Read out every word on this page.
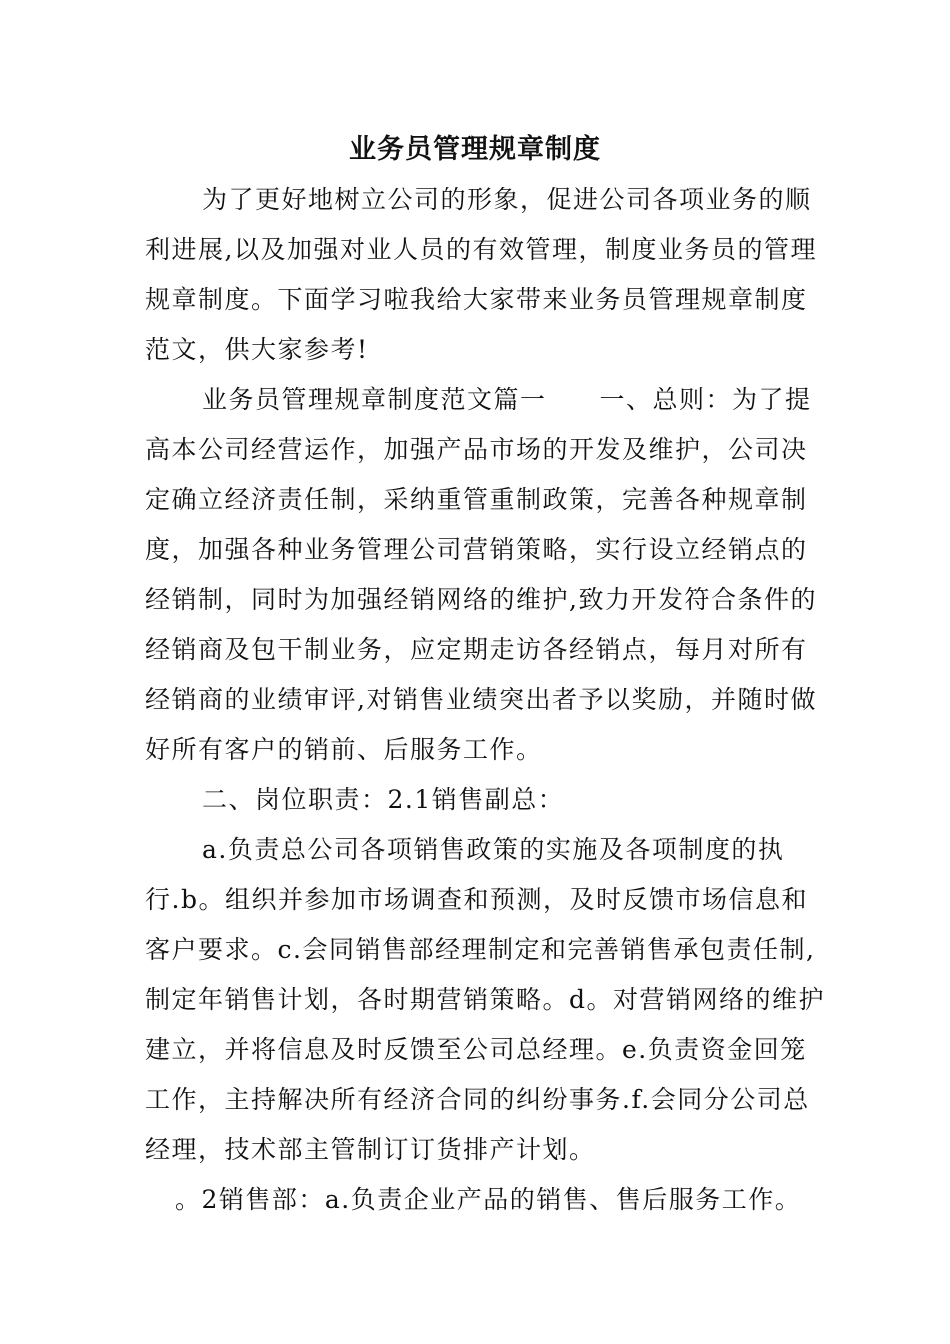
业务员管理规章制度
为了更好地树立公司的形象，促进公司各项业务的顺
利进展,以及加强对业人员的有效管理，制度业务员的管理
规章制度。下面学习啦我给大家带来业务员管理规章制度
范文，供大家参考!
业务员管理规章制度范文篇一　　一、总则：为了提
高本公司经营运作，加强产品市场的开发及维护，公司决
定确立经济责任制，采纳重管重制政策，完善各种规章制
度，加强各种业务管理公司营销策略，实行设立经销点的
经销制，同时为加强经销网络的维护,致力开发符合条件的
经销商及包干制业务，应定期走访各经销点，每月对所有
经销商的业绩审评,对销售业绩突出者予以奖励，并随时做
好所有客户的销前、后服务工作。
二、岗位职责：2.1销售副总：
a.负责总公司各项销售政策的实施及各项制度的执
行.b。组织并参加市场调查和预测，及时反馈市场信息和
客户要求。c.会同销售部经理制定和完善销售承包责任制,
制定年销售计划，各时期营销策略。d。对营销网络的维护
建立，并将信息及时反馈至公司总经理。e.负责资金回笼
工作，主持解决所有经济合同的纠纷事务.f.会同分公司总
经理，技术部主管制订订货排产计划。
。2销售部：a.负责企业产品的销售、售后服务工作。
